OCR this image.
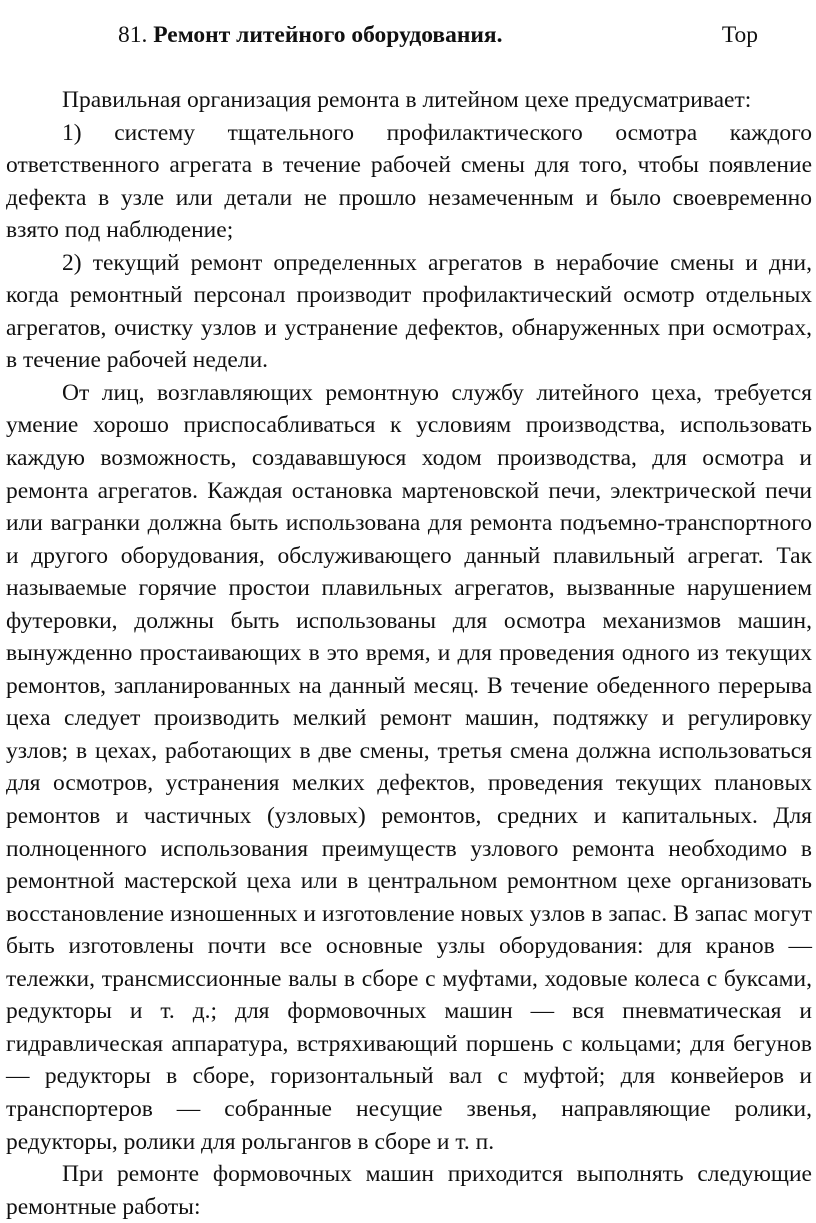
81. Ремонт литейного оборудования.	Тор

Правильная организация ремонта в литейном цехе предусматривает:

1) систему тщательного профилактического осмотра каждого ответственного агрегата в течение рабочей смены для того, чтобы появление дефекта в узле или детали не прошло незамеченным и было своевременно взято под наблюдение;

2) текущий ремонт определенных агрегатов в нерабочие смены и дни, когда ремонтный персонал производит профилактический осмотр отдельных агрегатов, очистку узлов и устранение дефектов, обнаруженных при осмотрах, в течение рабочей недели.

От лиц, возглавляющих ремонтную службу литейного цеха, требуется умение хорошо приспосабливаться к условиям производства, использовать каждую возможность, создававшуюся ходом производства, для осмотра и ремонта агрегатов. Каждая остановка мартеновской печи, электрической печи или вагранки должна быть использована для ремонта подъемно-транспортного и другого оборудования, обслуживающего данный плавильный агрегат. Так называемые горячие простои плавильных агрегатов, вызванные нарушением футеровки, должны быть использованы для осмотра механизмов машин, вынужденно простаивающих в это время, и для проведения одного из текущих ремонтов, запланированных на данный месяц. В течение обеденного перерыва цеха следует производить мелкий ремонт машин, подтяжку и регулировку узлов; в цехах, работающих в две смены, третья смена должна использоваться для осмотров, устранения мелких дефектов, проведения текущих плановых ремонтов и частичных (узловых) ремонтов, средних и капитальных. Для полноценного использования преимуществ узлового ремонта необходимо в ремонтной мастерской цеха или в центральном ремонтном цехе организовать восстановление изношенных и изготовление новых узлов в запас. В запас могут быть изготовлены почти все основные узлы оборудования: для кранов — тележки, трансмиссионные валы в сборе с муфтами, ходовые колеса с буксами, редукторы и т. д.; для формовочных машин — вся пневматическая и гидравлическая аппаратура, встряхивающий поршень с кольцами; для бегунов — редукторы в сборе, горизонтальный вал с муфтой; для конвейеров и транспортеров — собранные несущие звенья, направляющие ролики, редукторы, ролики для рольгангов в сборе и т. п.

При ремонте формовочных машин приходится выполнять следующие ремонтные работы:
